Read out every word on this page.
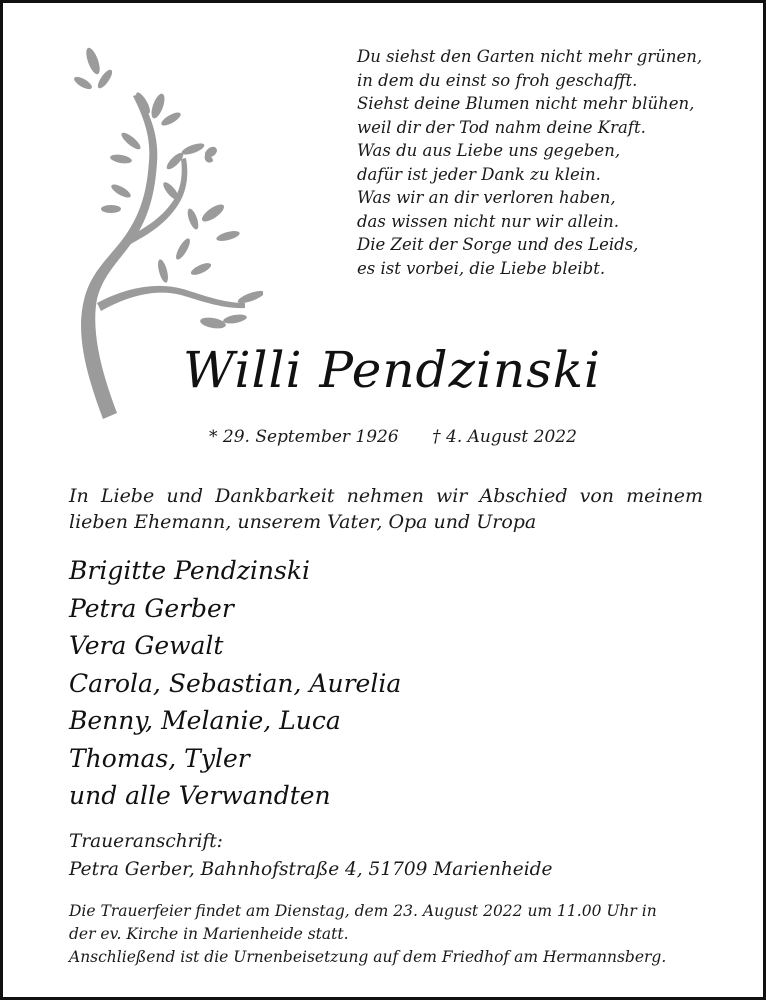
Du siehst den Garten nicht mehr grünen,
in dem du einst so froh geschafft.
Siehst deine Blumen nicht mehr blühen,
weil dir der Tod nahm deine Kraft.
Was du aus Liebe uns gegeben,
dafür ist jeder Dank zu klein.
Was wir an dir verloren haben,
das wissen nicht nur wir allein.
Die Zeit der Sorge und des Leids,
es ist vorbei, die Liebe bleibt.
Willi Pendzinski
* 29. September 1926 † 4. August 2022
In Liebe und Dankbarkeit nehmen wir Abschied von meinem lieben Ehemann, unserem Vater, Opa und Uropa
Brigitte Pendzinski
Petra Gerber
Vera Gewalt
Carola, Sebastian, Aurelia
Benny, Melanie, Luca
Thomas, Tyler
und alle Verwandten
Traueranschrift:
Petra Gerber, Bahnhofstraße 4, 51709 Marienheide
Die Trauerfeier findet am Dienstag, dem 23. August 2022 um 11.00 Uhr in
der ev. Kirche in Marienheide statt.
Anschließend ist die Urnenbeisetzung auf dem Friedhof am Hermannsberg.
